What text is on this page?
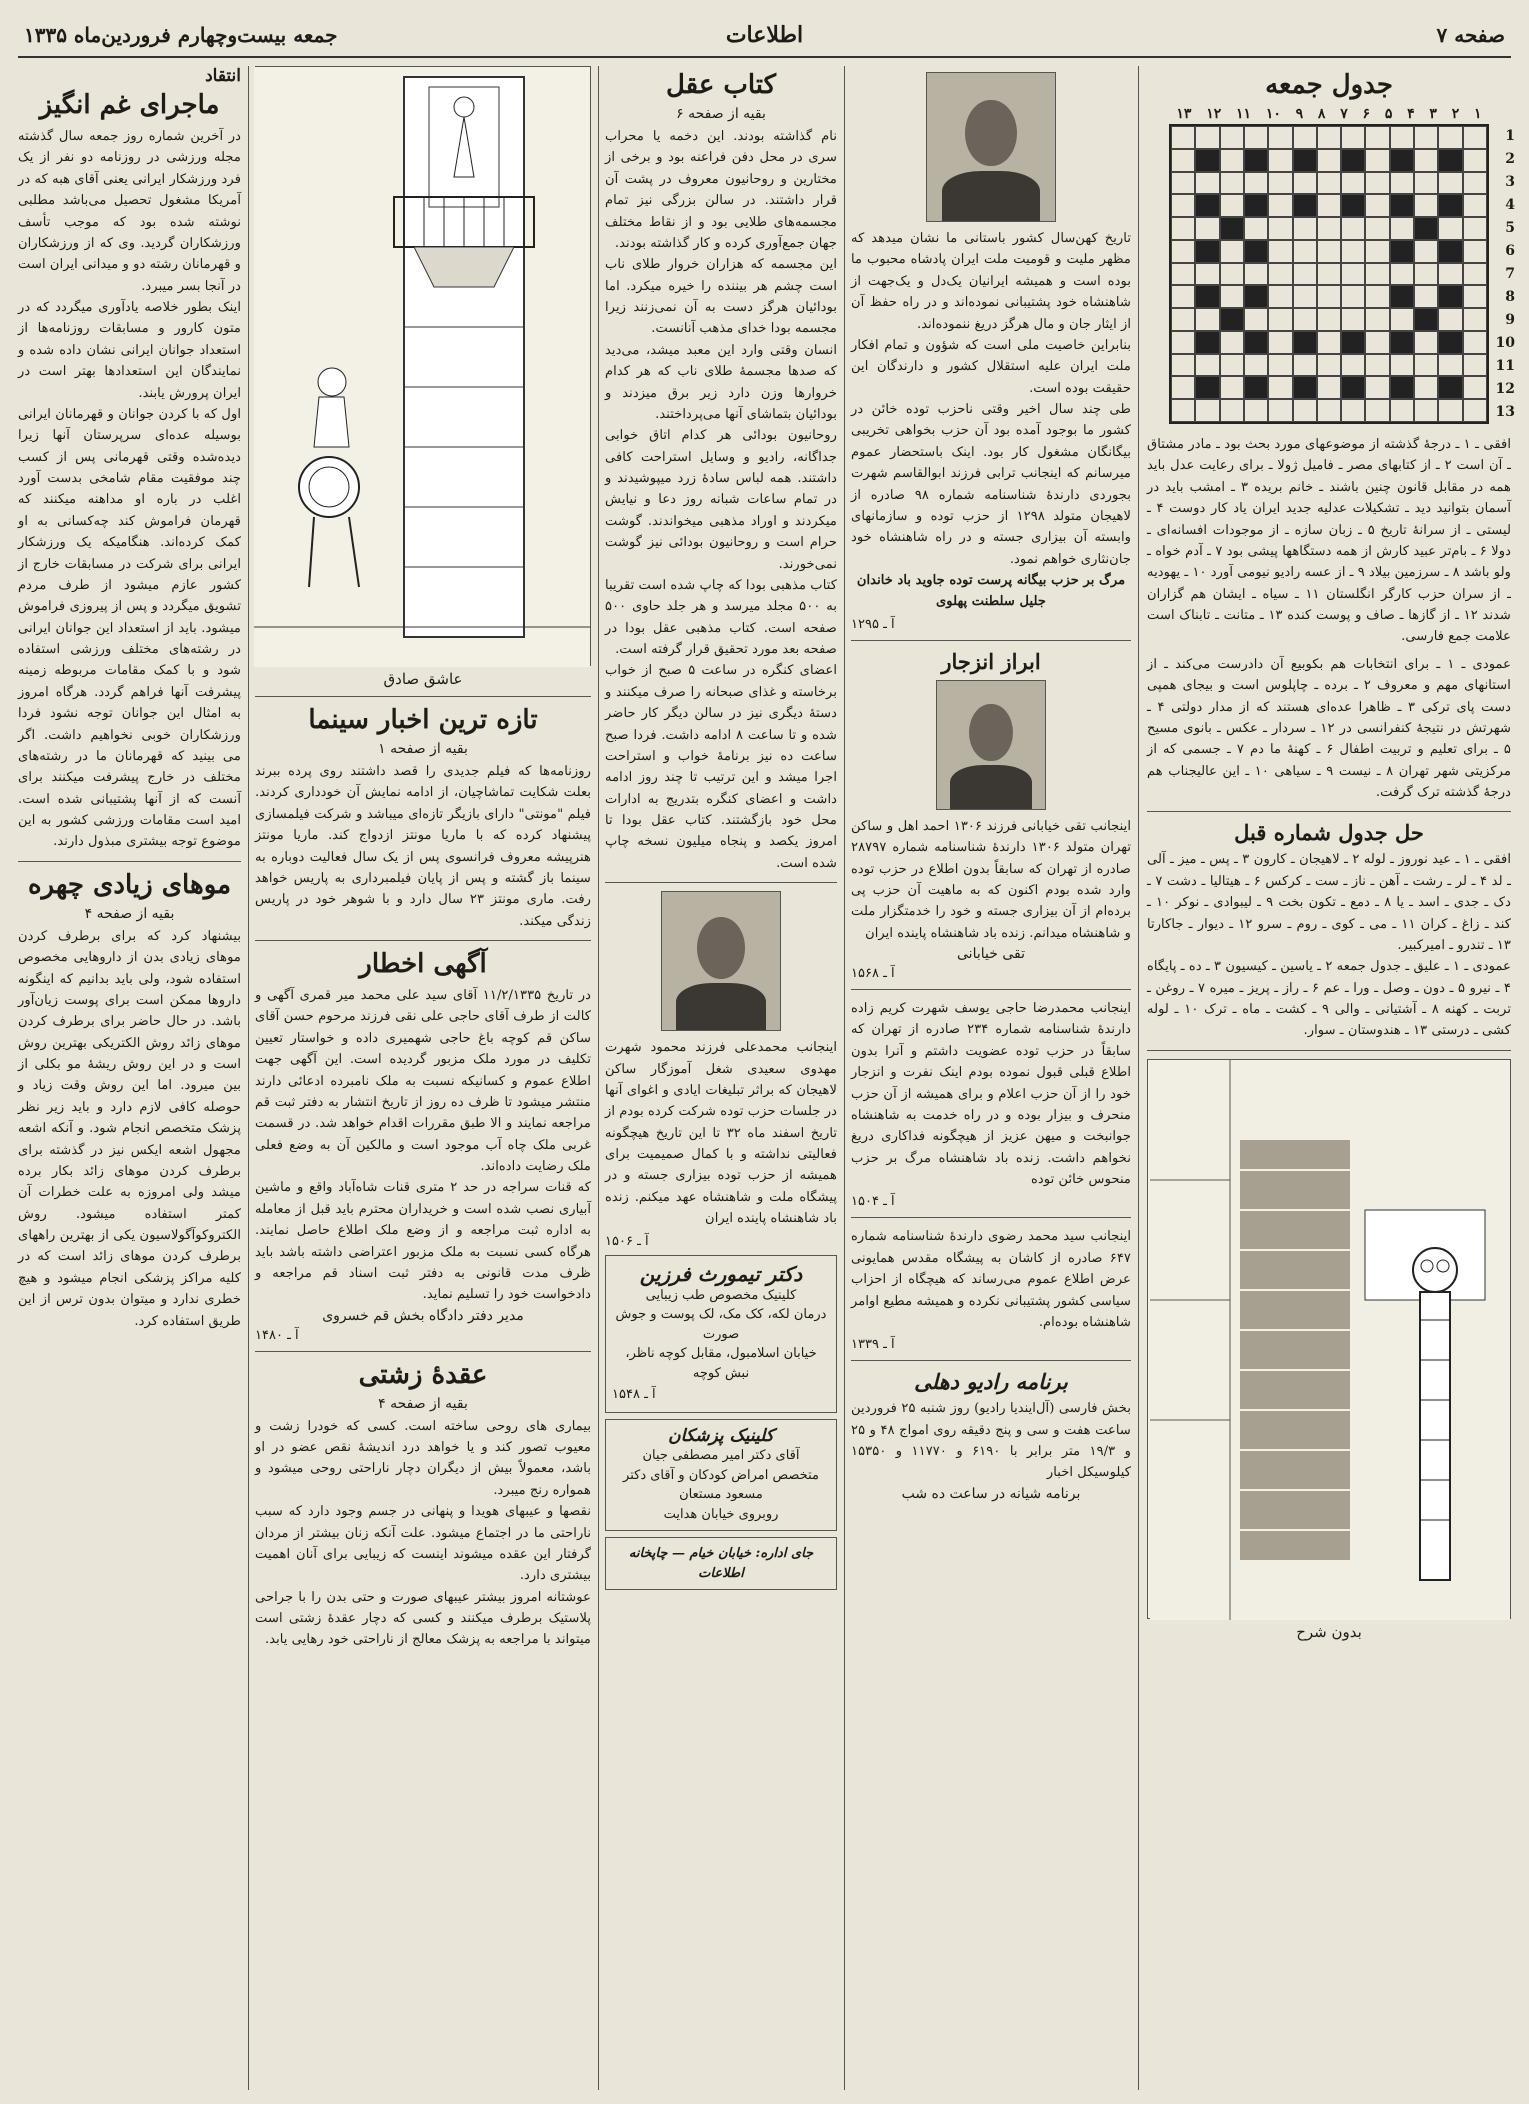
صفحه ۷
اطلاعات
جمعه بیست‌وچهارم فروردین‌ماه ۱۳۳۵
جدول جمعه
۱۳ ۱۲ ۱۱ ۱۰ ۹ ۸ ۷ ۶ ۵ ۴ ۳ ۲ ۱
1
2
3
4
5
6
7
8
9
10
11
12
13

افقی ـ ۱ ـ درجهٔ گذشته از موضوعهای مورد بحث بود ـ مادر مشتاق ـ آن است ۲ ـ از کتابهای مصر ـ فامیل ژولا ـ برای رعایت عدل باید همه در مقابل قانون چنین باشند ـ خانم بریده ۳ ـ امشب باید در آسمان بتوانید دید ـ تشکیلات عدلیه جدید ایران یاد کار دوست ۴ ـ لیستی ـ از سرانهٔ تاریخ ۵ ـ زبان سازه ـ از موجودات افسانه‌ای ـ دولا ۶ ـ بام‌تر عبید کارش از همه دستگاهها پیشی بود ۷ ـ آدم خواه ـ ولو باشد ۸ ـ سرزمین بیلاد ۹ ـ از عسه رادیو نیومی آورد ۱۰ ـ یهودیه ـ از سران حزب کارگر انگلستان ۱۱ ـ سیاه ـ ایشان هم گزاران شدند ۱۲ ـ از گازها ـ صاف و پوست کنده ۱۳ ـ متانت ـ تابناک است علامت جمع فارسی.

عمودی ـ ۱ ـ برای انتخابات هم بکوبیع آن دادرست می‌کند ـ از استانهای مهم و معروف ۲ ـ برده ـ چاپلوس است و بیجای همپی دست پای ترکی ۳ ـ ظاهرا عده‌ای هستند که از مدار دولتی ۴ ـ شهرتش در نتیجهٔ کنفرانسی در ۱۲ ـ سردار ـ عکس ـ بانوی مسیح ۵ ـ برای تعلیم و تربیت اطفال ۶ ـ کهنهٔ ما دم ۷ ـ جسمی که از مرکزیتی شهر تهران ۸ ـ نیست ۹ ـ سیاهی ۱۰ ـ این عالیجناب هم درجهٔ گذشته ترک گرفت.

حل جدول شماره قبل

افقی ـ ۱ ـ عید نوروز ـ لوله ۲ ـ لاهیجان ـ کارون ۳ ـ پس ـ میز ـ آلی ـ لد ۴ ـ لر ـ رشت ـ آهن ـ ناز ـ ست ـ کرکس ۶ ـ هیتالیا ـ دشت ۷ ـ دک ـ جدی ـ اسد ـ یا ۸ ـ دمع ـ تکون بخت ۹ ـ لیبوادی ـ نوکر ۱۰ ـ کند ـ زاغ ـ کران ۱۱ ـ می ـ کوی ـ روم ـ سرو ۱۲ ـ دیوار ـ جاکارتا ۱۳ ـ تندرو ـ امیرکبیر.

عمودی ـ ۱ ـ علیق ـ جدول جمعه ۲ ـ یاسین ـ کیسیون ۳ ـ ده ـ پایگاه ۴ ـ نیرو ۵ ـ دون ـ وصل ـ ورا ـ عم ۶ ـ راز ـ پریز ـ میره ۷ ـ روغن ـ تربت ـ کهنه ۸ ـ آشتیانی ـ والی ۹ ـ کشت ـ ماه ـ ترک ۱۰ ـ لوله کشی ـ درستی ۱۳ ـ هندوستان ـ سوار.

بدون شرح

تاریخ کهن‌سال کشور باستانی ما نشان میدهد که مظهر ملیت و قومیت ملت ایران پادشاه محبوب ما بوده است و همیشه ایرانیان یک‌دل و یک‌جهت از شاهنشاه خود پشتیبانی نموده‌اند و در راه حفظ آن از ایثار جان و مال هرگز دریغ ننموده‌اند.

بنابراین خاصیت ملی است که شؤون و تمام افکار ملت ایران علیه استقلال کشور و دارندگان این حقیقت بوده است.

طی چند سال اخیر وقتی ناحزب توده خائن در کشور ما بوجود آمده بود آن حزب بخواهی تخریبی بیگانگان مشغول کار بود. اینک باستحضار عموم میرسانم که اینجانب ترابی فرزند ابوالقاسم شهرت بجوردی دارندهٔ شناسنامه شماره ۹۸ صادره از لاهیجان متولد ۱۲۹۸ از حزب توده و سازمانهای وابسته آن بیزاری جسته و در راه شاهنشاه خود جان‌نثاری خواهم نمود.

مرگ بر حزب بیگانه پرست توده جاوید باد خاندان جلیل سلطنت پهلوی

آ ـ ۱۲۹۵
ابراز انزجار

اینجانب تقی خیابانی فرزند ۱۳۰۶ احمد اهل و ساکن تهران متولد ۱۳۰۶ دارندهٔ شناسنامه شماره ۲۸۷۹۷ صادره از تهران که سابقاً بدون اطلاع در حزب توده وارد شده بودم اکنون که به ماهیت آن حزب پی برده‌ام از آن بیزاری جسته و خود را خدمتگزار ملت و شاهنشاه میدانم. زنده باد شاهنشاه پاینده ایران

تقی خیابانی
آ ـ ۱۵۶۸

اینجانب محمدرضا حاجی یوسف شهرت کریم زاده دارندهٔ شناسنامه شماره ۲۳۴ صادره از تهران که سابقاً در حزب توده عضویت داشتم و آنرا بدون اطلاع قبلی قبول نموده بودم اینک نفرت و انزجار خود را از آن حزب اعلام و برای همیشه از آن حزب منحرف و بیزار بوده و در راه خدمت به شاهنشاه جوانبخت و میهن عزیز از هیچگونه فداکاری دریغ نخواهم داشت. زنده باد شاهنشاه مرگ بر حزب منحوس خائن توده

آ ـ ۱۵۰۴

اینجانب سید محمد رضوی دارندهٔ شناسنامه شماره ۶۴۷ صادره از کاشان به پیشگاه مقدس همایونی عرض اطلاع عموم می‌رساند که هیچگاه از احزاب سیاسی کشور پشتیبانی نکرده و همیشه مطیع اوامر شاهنشاه بوده‌ام.

آ ـ ۱۳۳۹
برنامه رادیو دهلی

بخش فارسی (آل‌اینديا رادیو) روز شنبه ۲۵ فروردین ساعت هفت و سی و پنج دقیقه روی امواج ۴۸ و ۲۵ و ۱۹/۳ متر برابر با ۶۱۹۰ و ۱۱۷۷۰ و ۱۵۳۵۰ کیلوسیکل اخبار

برنامه شیانه در ساعت ده شب
کتاب عقل
بقیه از صفحه ۶

نام گذاشته بودند. این دخمه یا محراب سری در محل دفن فراعنه بود و برخی از مختارین و روحانیون معروف در پشت آن قرار داشتند. در سالن بزرگی نیز تمام مجسمه‌های طلایی بود و از نقاط مختلف جهان جمع‌آوری کرده و کار گذاشته بودند.

این مجسمه که هزاران خروار طلای ناب است چشم هر بیننده را خیره میکرد. اما بودائیان هرگز دست به آن نمی‌زنند زیرا مجسمه بودا خدای مذهب آنانست.

انسان وقتی وارد این معبد میشد، می‌دید که صدها مجسمهٔ طلای ناب که هر کدام خروارها وزن دارد زیر برق میزدند و بودائیان بتماشای آنها می‌پرداختند.

روحانیون بودائی هر کدام اتاق خوابی جداگانه، رادیو و وسایل استراحت کافی داشتند. همه لباس سادهٔ زرد میپوشیدند و در تمام ساعات شبانه روز دعا و نیایش میکردند و اوراد مذهبی میخواندند. گوشت حرام است و روحانیون بودائی نیز گوشت نمی‌خورند.

کتاب مذهبی بودا که چاپ شده است تقریبا به ۵۰۰ مجلد میرسد و هر جلد حاوی ۵۰۰ صفحه است. کتاب مذهبی عقل بودا در صفحه بعد مورد تحقیق قرار گرفته است.

اعضای کنگره در ساعت ۵ صبح از خواب برخاسته و غذای صبحانه را صرف میکنند و دستهٔ دیگری نیز در سالن دیگر کار حاضر شده و تا ساعت ۸ ادامه داشت. فردا صبح ساعت ده نیز برنامهٔ خواب و استراحت اجرا میشد و این ترتیب تا چند روز ادامه داشت و اعضای کنگره بتدریج به ادارات محل خود بازگشتند. کتاب عقل بودا تا امروز یکصد و پنجاه میلیون نسخه چاپ شده است.

اینجانب محمدعلی فرزند محمود شهرت مهدوی سعیدی شغل آموزگار ساکن لاهیجان که براثر تبلیغات ایادی و اغوای آنها در جلسات حزب توده شرکت کرده بودم از تاریخ اسفند ماه ۳۲ تا این تاریخ هیچگونه فعالیتی نداشته و با کمال صمیمیت برای همیشه از حزب توده بیزاری جسته و در پیشگاه ملت و شاهنشاه عهد میکنم. زنده باد شاهنشاه پاینده ایران

آ ـ ۱۵۰۶
دکتر تیمورث فرزین
کلینیک مخصوص طب زیبایی
درمان لکه، کک مک، لک پوست و جوش صورت
خیابان اسلامبول، مقابل کوچه ناظر، نبش کوچه
آ ـ ۱۵۴۸
کلینیک پزشکان
آقای دکتر امیر مصطفی جیان
متخصص امراض کودکان و آقای دکتر مسعود مستعان
روبروی خیابان هدایت
جای اداره: خیابان خیام — چاپخانه اطلاعات
عاشق صادق
تازه ترین اخبار سینما
بقیه از صفحه ۱

روزنامه‌ها که فیلم جدیدی را قصد داشتند روی پرده ببرند بعلت شکایت تماشاچیان، از ادامه نمایش آن خودداری کردند. فیلم "مونتی" دارای بازیگر تازه‌ای میباشد و شرکت فیلمسازی پیشنهاد کرده که با ماریا مونتز ازدواج کند. ماریا مونتز هنرپیشه معروف فرانسوی پس از یک سال فعالیت دوباره به سینما باز گشته و پس از پایان فیلمبرداری به پاریس خواهد رفت. ماری مونتز ۲۳ سال دارد و با شوهر خود در پاریس زندگی میکند.

آگهی اخطار

در تاریخ ۱۱/۲/۱۳۳۵ آقای سید علی محمد میر قمری آگهی و کالت از طرف آقای حاجی علی نقی فرزند مرحوم حسن آقای ساکن قم کوچه باغ حاجی شهمیری داده و خواستار تعیین تکلیف در مورد ملک مزبور گردیده است. این آگهی جهت اطلاع عموم و کسانیکه نسبت به ملک نامبرده ادعائی دارند منتشر میشود تا ظرف ده روز از تاریخ انتشار به دفتر ثبت قم مراجعه نمایند و الا طبق مقررات اقدام خواهد شد. در قسمت غربی ملک چاه آب موجود است و مالکین آن به وضع فعلی ملک رضایت داده‌اند.

که قنات سراجه در حد ۲ متری قنات شاه‌آباد واقع و ماشین آبیاری نصب شده است و خریداران محترم باید قبل از معامله به اداره ثبت مراجعه و از وضع ملک اطلاع حاصل نمایند. هرگاه کسی نسبت به ملک مزبور اعتراضی داشته باشد باید ظرف مدت قانونی به دفتر ثبت اسناد قم مراجعه و دادخواست خود را تسلیم نماید.

مدیر دفتر دادگاه بخش قم خسروی
آ ـ ۱۴۸۰
عقدهٔ زشتی
بقیه از صفحه ۴

بیماری های روحی ساخته است. کسی که خودرا زشت و معیوب تصور کند و یا خواهد درد اندیشهٔ نقص عضو در او باشد، معمولاً بیش از دیگران دچار ناراحتی روحی میشود و همواره رنج میبرد.

نقصها و عیبهای هویدا و پنهانی در جسم وجود دارد که سبب ناراحتی ما در اجتماع میشود. علت آنکه زنان بیشتر از مردان گرفتار این عقده میشوند اینست که زیبایی برای آنان اهمیت بیشتری دارد.

عوشتانه امروز بیشتر عیبهای صورت و حتی بدن را با جراحی پلاستیک برطرف میکنند و کسی که دچار عقدهٔ زشتی است میتواند با مراجعه به پزشک معالج از ناراحتی خود رهایی یابد.

انتقاد
ماجرای غم انگیز

در آخرین شماره روز جمعه سال گذشته مجله ورزشی در روزنامه دو نفر از یک فرد ورزشکار ایرانی یعنی آقای هبه که در آمریکا مشغول تحصیل می‌باشد مطلبی نوشته شده بود که موجب تأسف ورزشکاران گردید. وی که از ورزشکاران و قهرمانان رشته دو و میدانی ایران است در آنجا بسر میبرد.

اینک بطور خلاصه یادآوری میگردد که در متون کارور و مسابقات روزنامه‌ها از استعداد جوانان ایرانی نشان داده شده و نمایندگان این استعدادها بهتر است در ایران پرورش یابند.

اول که با کردن جوانان و قهرمانان ایرانی بوسیله عده‌ای سرپرستان آنها زیرا دیده‌شده وقتی قهرمانی پس از کسب چند موفقیت مقام شامخی بدست آورد اغلب در باره او مداهنه میکنند که قهرمان فراموش کند چه‌کسانی به او کمک کرده‌اند. هنگامیکه یک ورزشکار ایرانی برای شرکت در مسابقات خارج از کشور عازم میشود از طرف مردم تشویق میگردد و پس از پیروزی فراموش میشود. باید از استعداد این جوانان ایرانی در رشته‌های مختلف ورزشی استفاده شود و با کمک مقامات مربوطه زمینه پیشرفت آنها فراهم گردد. هرگاه امروز به امثال این جوانان توجه نشود فردا ورزشکاران خوبی نخواهیم داشت. اگر می بینید که قهرمانان ما در رشته‌های مختلف در خارج پیشرفت میکنند برای آنست که از آنها پشتیبانی شده است. امید است مقامات ورزشی کشور به این موضوع توجه بیشتری مبذول دارند.

موهای زیادی چهره
بقیه از صفحه ۴

بیشنهاد کرد که برای برطرف کردن موهای زیادی بدن از داروهایی مخصوص استفاده شود، ولی باید بدانیم که اینگونه داروها ممکن است برای پوست زیان‌آور باشد. در حال حاضر برای برطرف کردن موهای زائد روش الکتریکی بهترین روش است و در این روش ریشهٔ مو بکلی از بین میرود. اما این روش وقت زیاد و حوصله کافی لازم دارد و باید زیر نظر پزشک متخصص انجام شود. و آنکه اشعه مجهول اشعه ایکس نیز در گذشته برای برطرف کردن موهای زائد بکار برده میشد ولی امروزه به علت خطرات آن کمتر استفاده میشود. روش الکتروکوآگولاسیون یکی از بهترین راههای برطرف کردن موهای زائد است که در کلیه مراکز پزشکی انجام میشود و هیچ خطری ندارد و میتوان بدون ترس از این طریق استفاده کرد.
